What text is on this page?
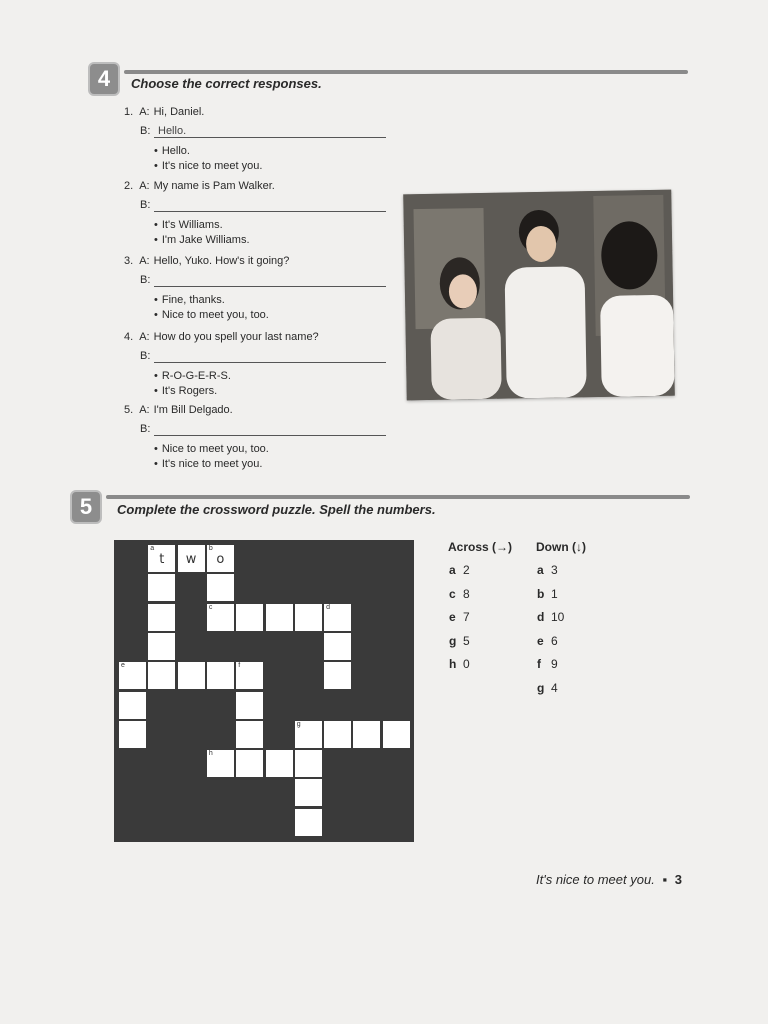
4	Choose the correct responses.
1. A: Hi, Daniel.
B: Hello.
• Hello.
• It's nice to meet you.
2. A: My name is Pam Walker.
B:
• It's Williams.
• I'm Jake Williams.
3. A: Hello, Yuko. How's it going?
B:
• Fine, thanks.
• Nice to meet you, too.
4. A: How do you spell your last name?
B:
• R-O-G-E-R-S.
• It's Rogers.
5. A: I'm Bill Delgado.
B:
• Nice to meet you, too.
• It's nice to meet you.
5	Complete the crossword puzzle. Spell the numbers.
a
t	w
b
o
c	d
e	f
g
h
Across (→) Down (↓)
a 2
c 8
e 7
g 5
h 0
a 3
b 1
d 10
e 6
f 9
g 4
It's nice to meet you. ▪ 3
